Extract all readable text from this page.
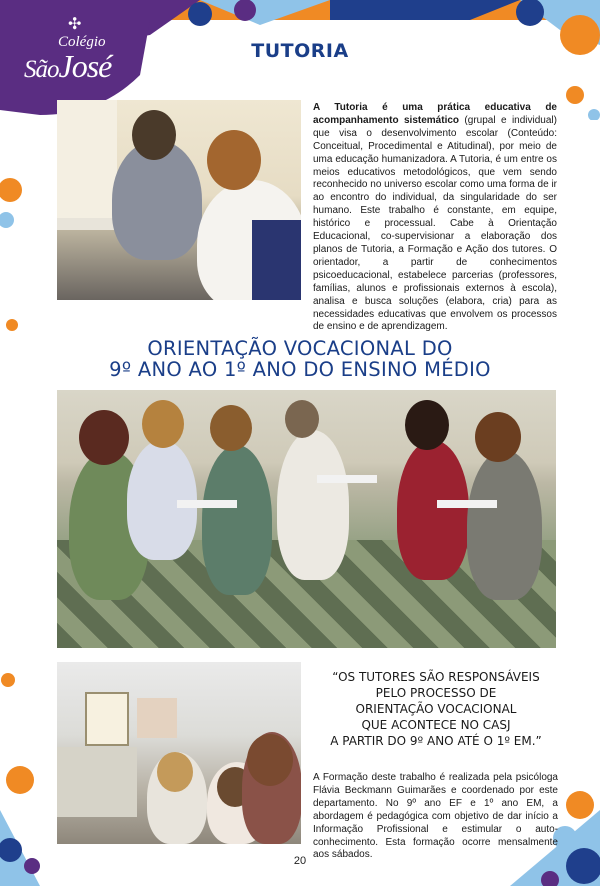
✣
Colégio
SãoJosé	TUTORIA
A Tutoria é uma prática educativa de acompanhamento sistemático (grupal e individual) que visa o desenvolvimento escolar (Conteúdo: Conceitual, Procedimental e Atitudinal), por meio de uma educação humanizadora. A Tutoria, é um entre os meios educativos metodológicos, que vem sendo reconhecido no universo escolar como uma forma de ir ao encontro do individual, da singularidade do ser humano. Este trabalho é constante, em equipe, histórico e processual. Cabe à Orientação Educacional, co-supervisionar a elaboração dos planos de Tutoria, a Formação e Ação dos tutores. O orientador, a partir de conhecimentos psicoeducacional, estabelece parcerias (professores, famílias, alunos e profissionais externos à escola), analisa e busca soluções (elabora, cria) para as necessidades educativas que envolvem os processos de ensino e de aprendizagem.
ORIENTAÇÃO VOCACIONAL DO
9º ANO AO 1º ANO DO ENSINO MÉDIO
“OS TUTORES SÃO RESPONSÁVEIS
PELO PROCESSO DE
ORIENTAÇÃO VOCACIONAL
QUE ACONTECE NO CASJ
A PARTIR DO 9º ANO ATÉ O 1º EM.”
A Formação deste trabalho é realizada pela psicóloga Flávia Beckmann Guimarães e coordenado por este departamento. No 9º ano EF e 1º ano EM, a abordagem é pedagógica com objetivo de dar início a Informação Profissional e estimular o auto-conhecimento. Esta formação ocorre mensalmente aos sábados.
20
